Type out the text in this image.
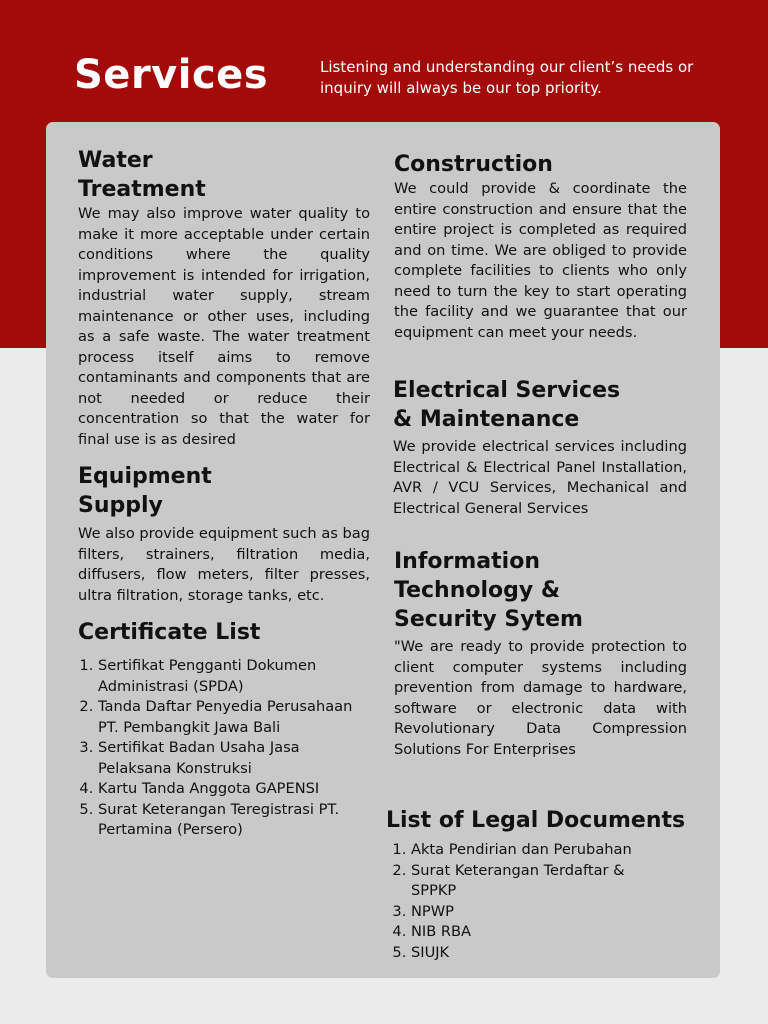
Services	Listening and understanding our client’s needs or inquiry will always be our top priority.

Water
Treatment

We may also improve water quality to make it more acceptable under certain conditions where the quality improvement is intended for irrigation, industrial water supply, stream maintenance or other uses, including as a safe waste. The water treatment process itself aims to remove contaminants and components that are not needed or reduce their concentration so that the water for final use is as desired

Equipment
Supply

We also provide equipment such as bag filters, strainers, filtration media, diffusers, flow meters, filter presses, ultra filtration, storage tanks, etc.

Certificate List
1. Sertifikat Pengganti Dokumen Administrasi (SPDA)
2. Tanda Daftar Penyedia Perusahaan PT. Pembangkit Jawa Bali
3. Sertifikat Badan Usaha Jasa Pelaksana Konstruksi
4. Kartu Tanda Anggota GAPENSI
5. Surat Keterangan Teregistrasi PT. Pertamina (Persero)
Construction

We could provide & coordinate the entire construction and ensure that the entire project is completed as required and on time. We are obliged to provide complete facilities to clients who only need to turn the key to start operating the facility and we guarantee that our equipment can meet your needs.

Electrical Services
& Maintenance

We provide electrical services including Electrical & Electrical Panel Installation, AVR / VCU Services, Mechanical and Electrical General Services

Information
Technology &
Security Sytem

"We are ready to provide protection to client computer systems including prevention from damage to hardware, software or electronic data with Revolutionary Data Compression Solutions For Enterprises

List of Legal Documents
1. Akta Pendirian dan Perubahan
2. Surat Keterangan Terdaftar & SPPKP
3. NPWP
4. NIB RBA
5. SIUJK
